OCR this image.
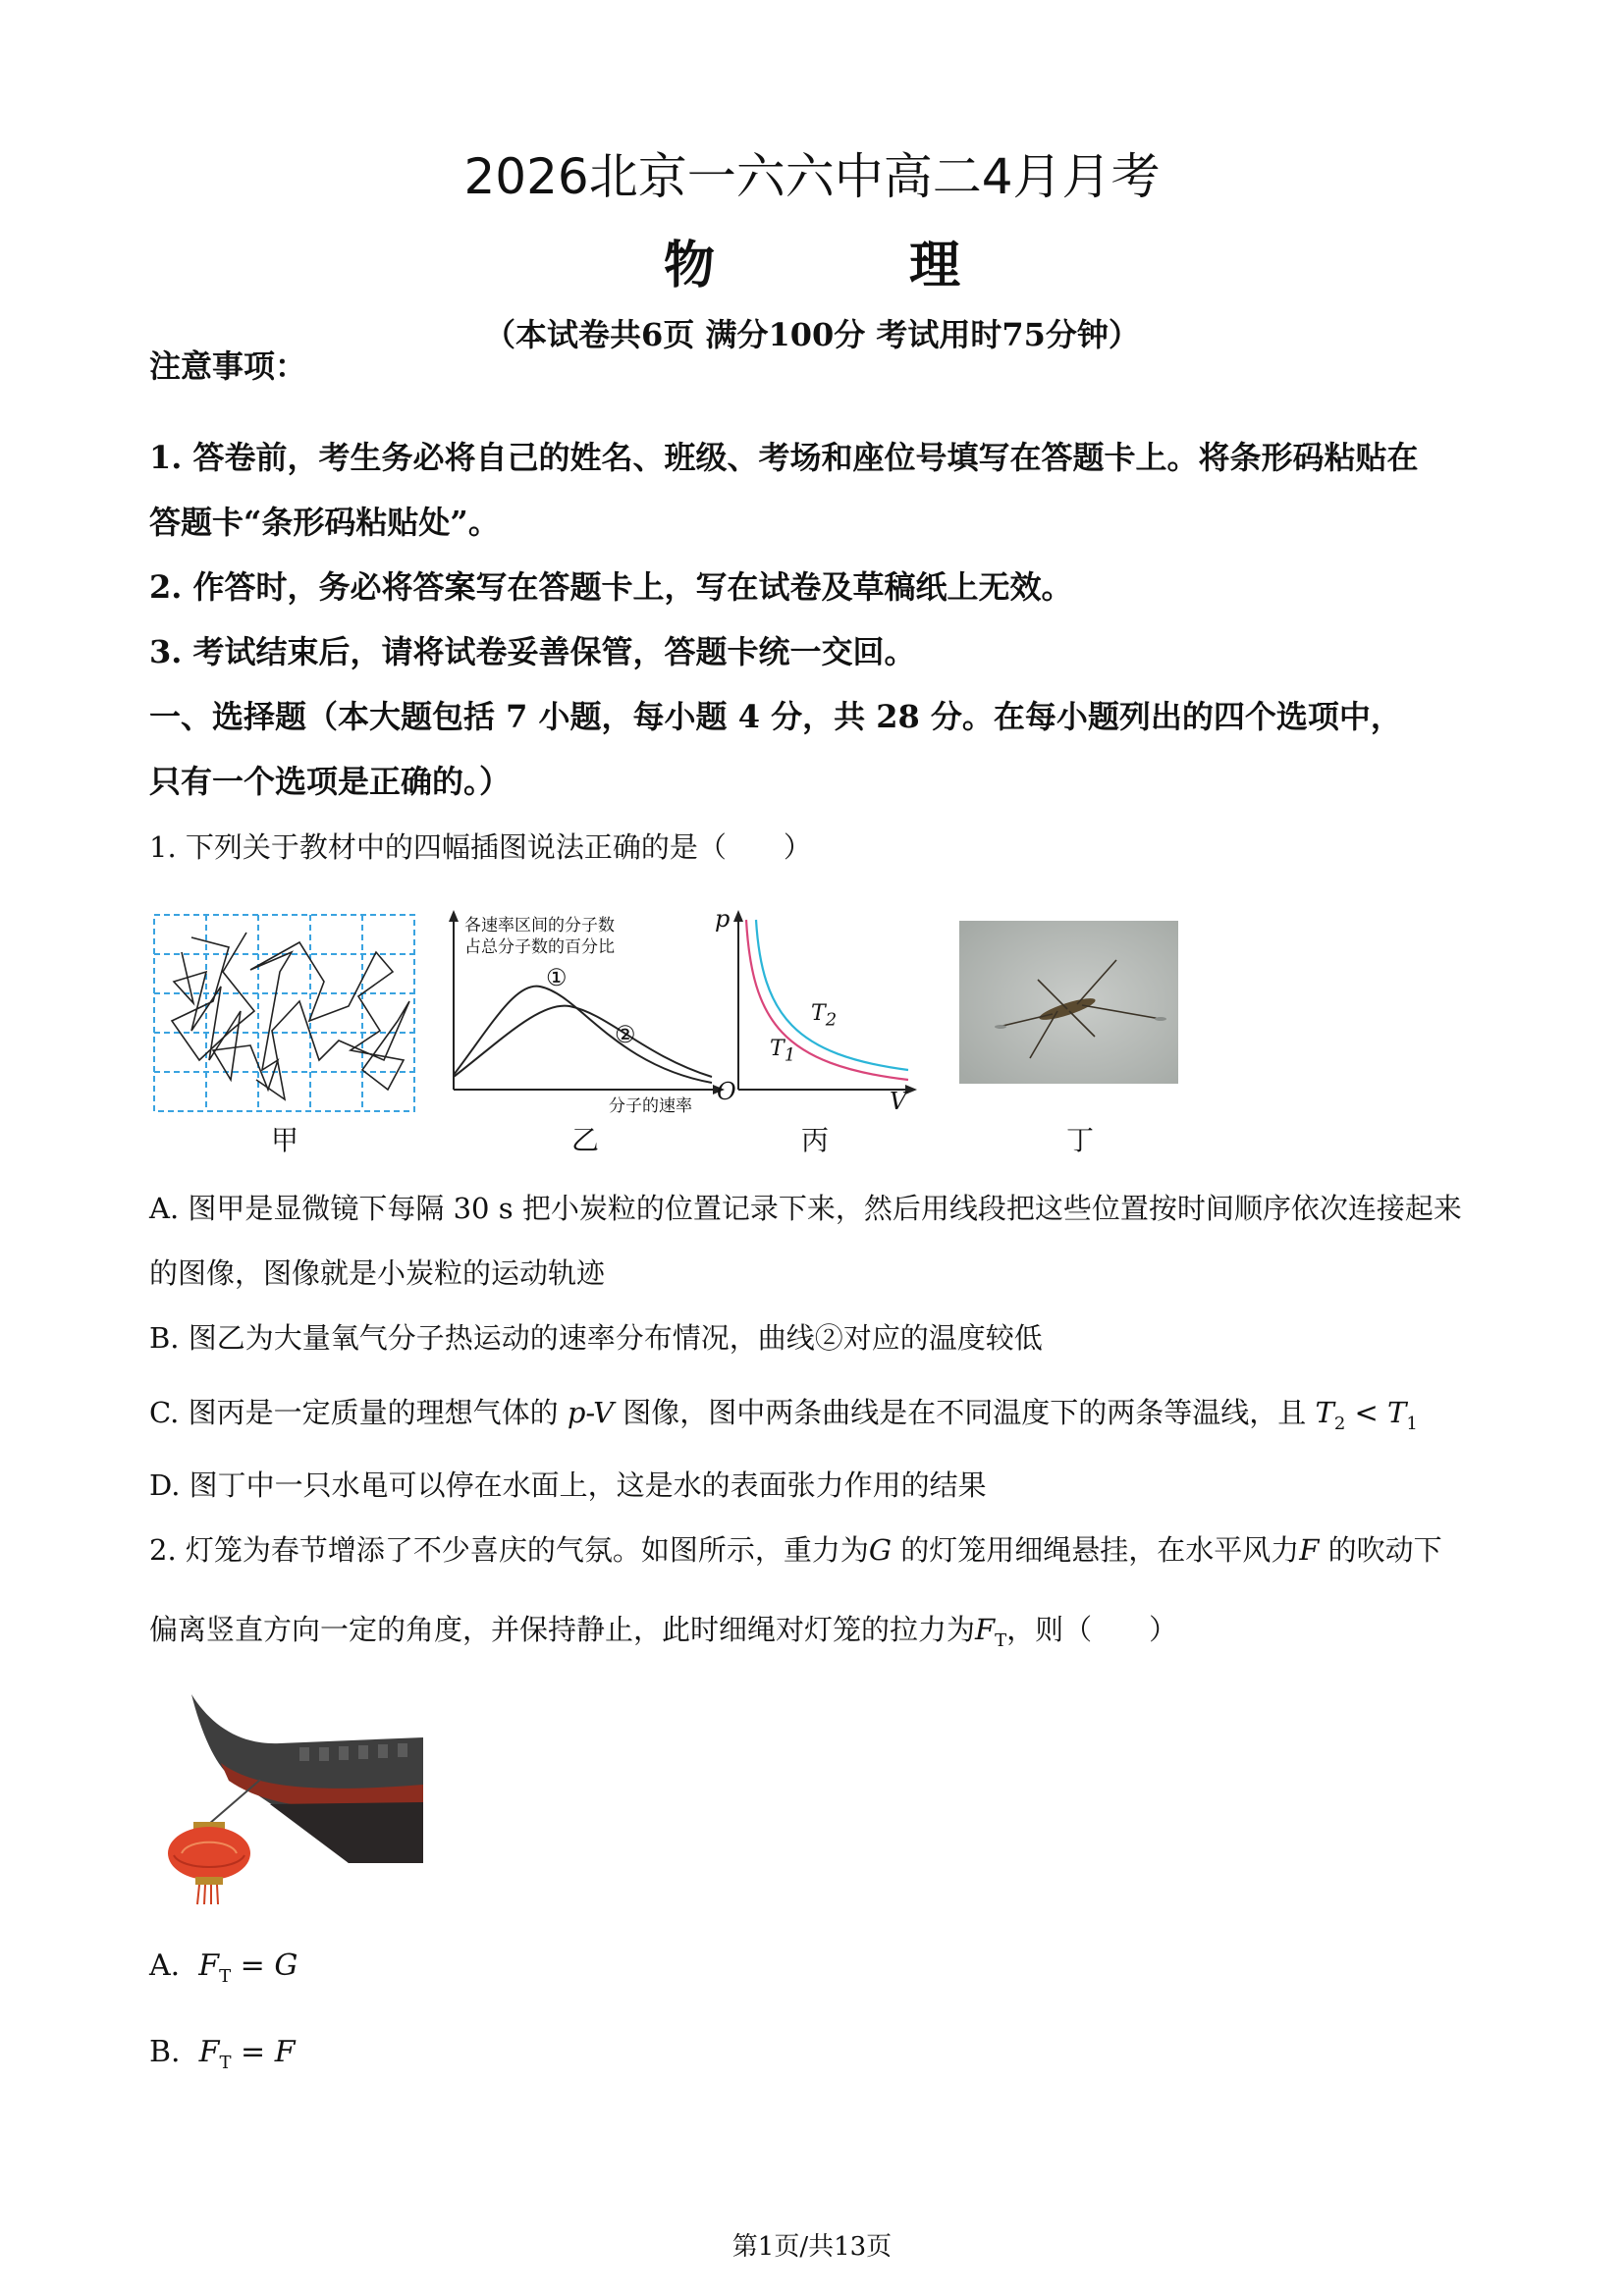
2026北京一六六中高二4月月考
物 理
（本试卷共6页 满分100分 考试用时75分钟）
注意事项：
1. 答卷前，考生务必将自己的姓名、班级、考场和座位号填写在答题卡上。将条形码粘贴在
答题卡“条形码粘贴处”。
2. 作答时，务必将答案写在答题卡上，写在试卷及草稿纸上无效。
3. 考试结束后，请将试卷妥善保管，答题卡统一交回。
一、选择题（本大题包括 7 小题，每小题 4 分，共 28 分。在每小题列出的四个选项中，
只有一个选项是正确的。）
1. 下列关于教材中的四幅插图说法正确的是（　　）
甲
各速率区间的分子数
占总分子数的百分比
①
②
分子的速率
乙
p
V
O
$T_2$
$T_1$
丙	丁
A. 图甲是显微镜下每隔 30 s 把小炭粒的位置记录下来，然后用线段把这些位置按时间顺序依次连接起来
的图像，图像就是小炭粒的运动轨迹
B. 图乙为大量氧气分子热运动的速率分布情况，曲线②对应的温度较低
C. 图丙是一定质量的理想气体的 p-V 图像，图中两条曲线是在不同温度下的两条等温线，且 $T_2 < T_1$
D. 图丁中一只水黾可以停在水面上，这是水的表面张力作用的结果
2. 灯笼为春节增添了不少喜庆的气氛。如图所示，重力为G 的灯笼用细绳悬挂，在水平风力F 的吹动下
偏离竖直方向一定的角度，并保持静止，此时细绳对灯笼的拉力为$F_T$，则（　　）
A. $F_T = G$
B. $F_T = F$
第1页/共13页
